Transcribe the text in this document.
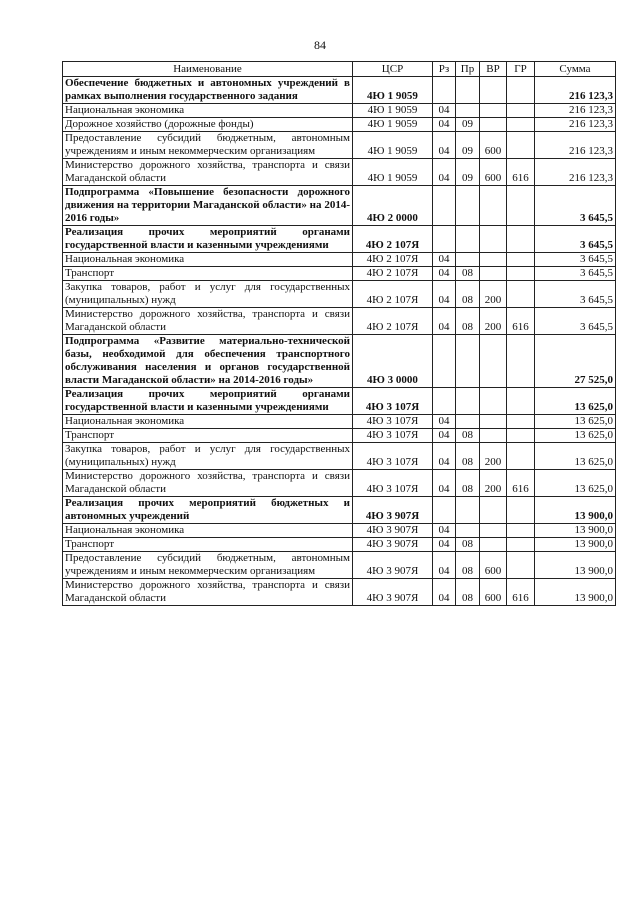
84
Наименование	ЦСР	Рз	Пр	ВР	ГР	Сумма
Обеспечение бюджетных и автономных учреждений в рамках выполнения государственного задания	4Ю 1 9059					216 123,3
Национальная экономика	4Ю 1 9059	04				216 123,3
Дорожное хозяйство (дорожные фонды)	4Ю 1 9059	04	09			216 123,3
Предоставление субсидий бюджетным, автономным учреждениям и иным некоммерческим организациям	4Ю 1 9059	04	09	600		216 123,3
Министерство дорожного хозяйства, транспорта и связи Магаданской области	4Ю 1 9059	04	09	600	616	216 123,3
Подпрограмма «Повышение безопасности дорожного движения на территории Магаданской области» на 2014-2016 годы»	4Ю 2 0000					3 645,5
Реализация прочих мероприятий органами государственной власти и казенными учреждениями	4Ю 2 107Я					3 645,5
Национальная экономика	4Ю 2 107Я	04				3 645,5
Транспорт	4Ю 2 107Я	04	08			3 645,5
Закупка товаров, работ и услуг для государственных (муниципальных) нужд	4Ю 2 107Я	04	08	200		3 645,5
Министерство дорожного хозяйства, транспорта и связи Магаданской области	4Ю 2 107Я	04	08	200	616	3 645,5
Подпрограмма «Развитие материально-технической базы, необходимой для обеспечения транспортного обслуживания населения и органов государственной власти Магаданской области» на 2014-2016 годы»	4Ю 3 0000					27 525,0
Реализация прочих мероприятий органами государственной власти и казенными учреждениями	4Ю 3 107Я					13 625,0
Национальная экономика	4Ю 3 107Я	04				13 625,0
Транспорт	4Ю 3 107Я	04	08			13 625,0
Закупка товаров, работ и услуг для государственных (муниципальных) нужд	4Ю 3 107Я	04	08	200		13 625,0
Министерство дорожного хозяйства, транспорта и связи Магаданской области	4Ю 3 107Я	04	08	200	616	13 625,0
Реализация прочих мероприятий бюджетных и автономных учреждений	4Ю 3 907Я					13 900,0
Национальная экономика	4Ю 3 907Я	04				13 900,0
Транспорт	4Ю 3 907Я	04	08			13 900,0
Предоставление субсидий бюджетным, автономным учреждениям и иным некоммерческим организациям	4Ю 3 907Я	04	08	600		13 900,0
Министерство дорожного хозяйства, транспорта и связи Магаданской области	4Ю 3 907Я	04	08	600	616	13 900,0
